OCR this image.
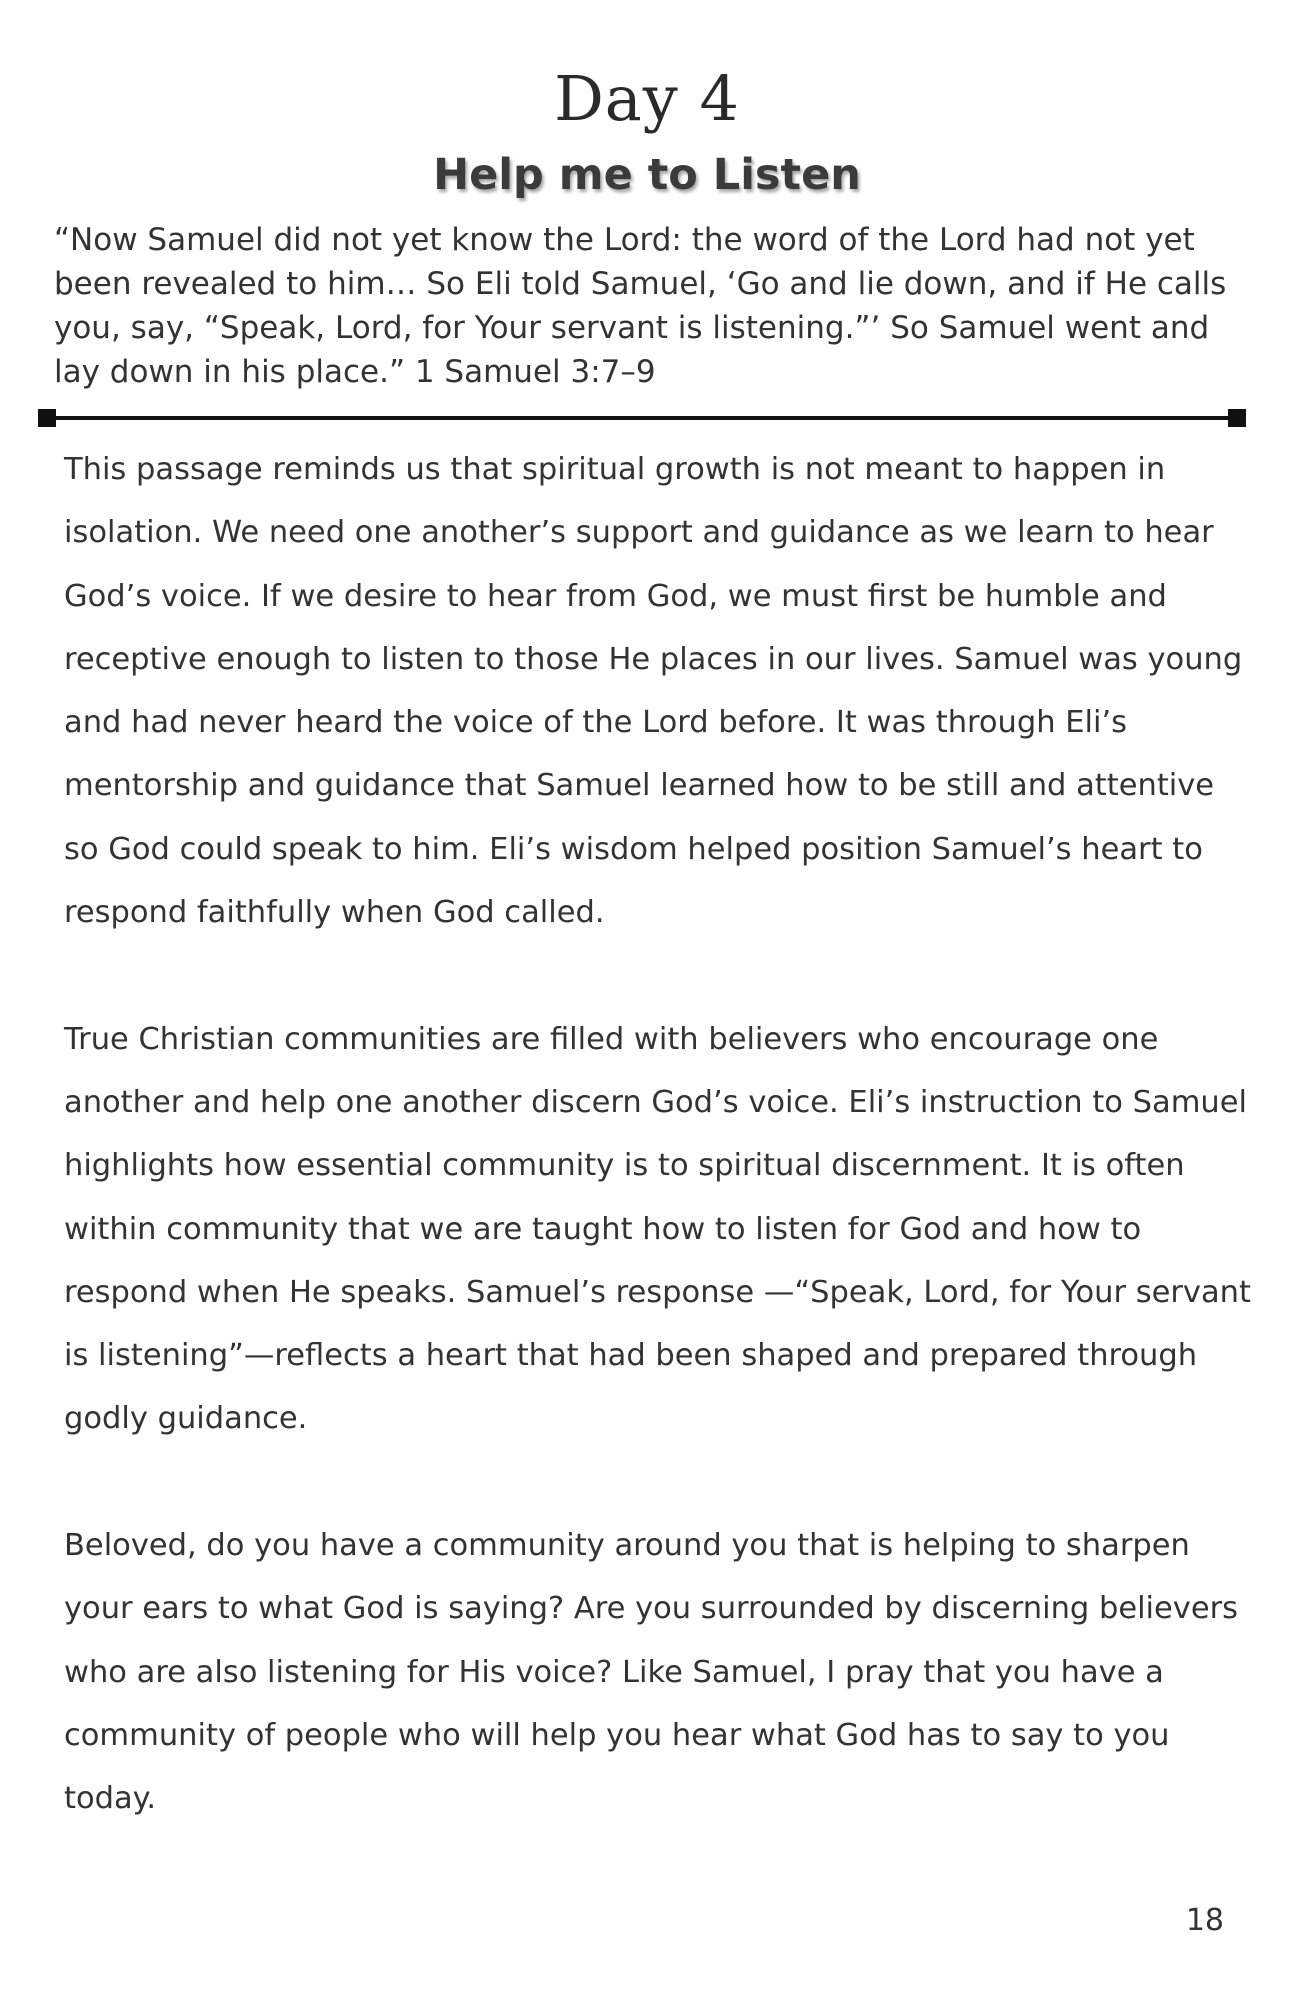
Day 4
Help me to Listen
“Now Samuel did not yet know the Lord: the word of the Lord had not yet been revealed to him… So Eli told Samuel, ‘Go and lie down, and if He calls you, say, “Speak, Lord, for Your servant is listening.”’ So Samuel went and lay down in his place.” 1 Samuel 3:7–9

This passage reminds us that spiritual growth is not meant to happen in isolation. We need one another’s support and guidance as we learn to hear God’s voice. If we desire to hear from God, we must first be humble and receptive enough to listen to those He places in our lives. Samuel was young and had never heard the voice of the Lord before. It was through Eli’s mentorship and guidance that Samuel learned how to be still and attentive so God could speak to him. Eli’s wisdom helped position Samuel’s heart to respond faithfully when God called.

True Christian communities are filled with believers who encourage one another and help one another discern God’s voice. Eli’s instruction to Samuel highlights how essential community is to spiritual discernment. It is often within community that we are taught how to listen for God and how to respond when He speaks. Samuel’s response —“Speak, Lord, for Your servant is listening”—reflects a heart that had been shaped and prepared through godly guidance.

Beloved, do you have a community around you that is helping to sharpen your ears to what God is saying? Are you surrounded by discerning believers who are also listening for His voice? Like Samuel, I pray that you have a community of people who will help you hear what God has to say to you today.

18
